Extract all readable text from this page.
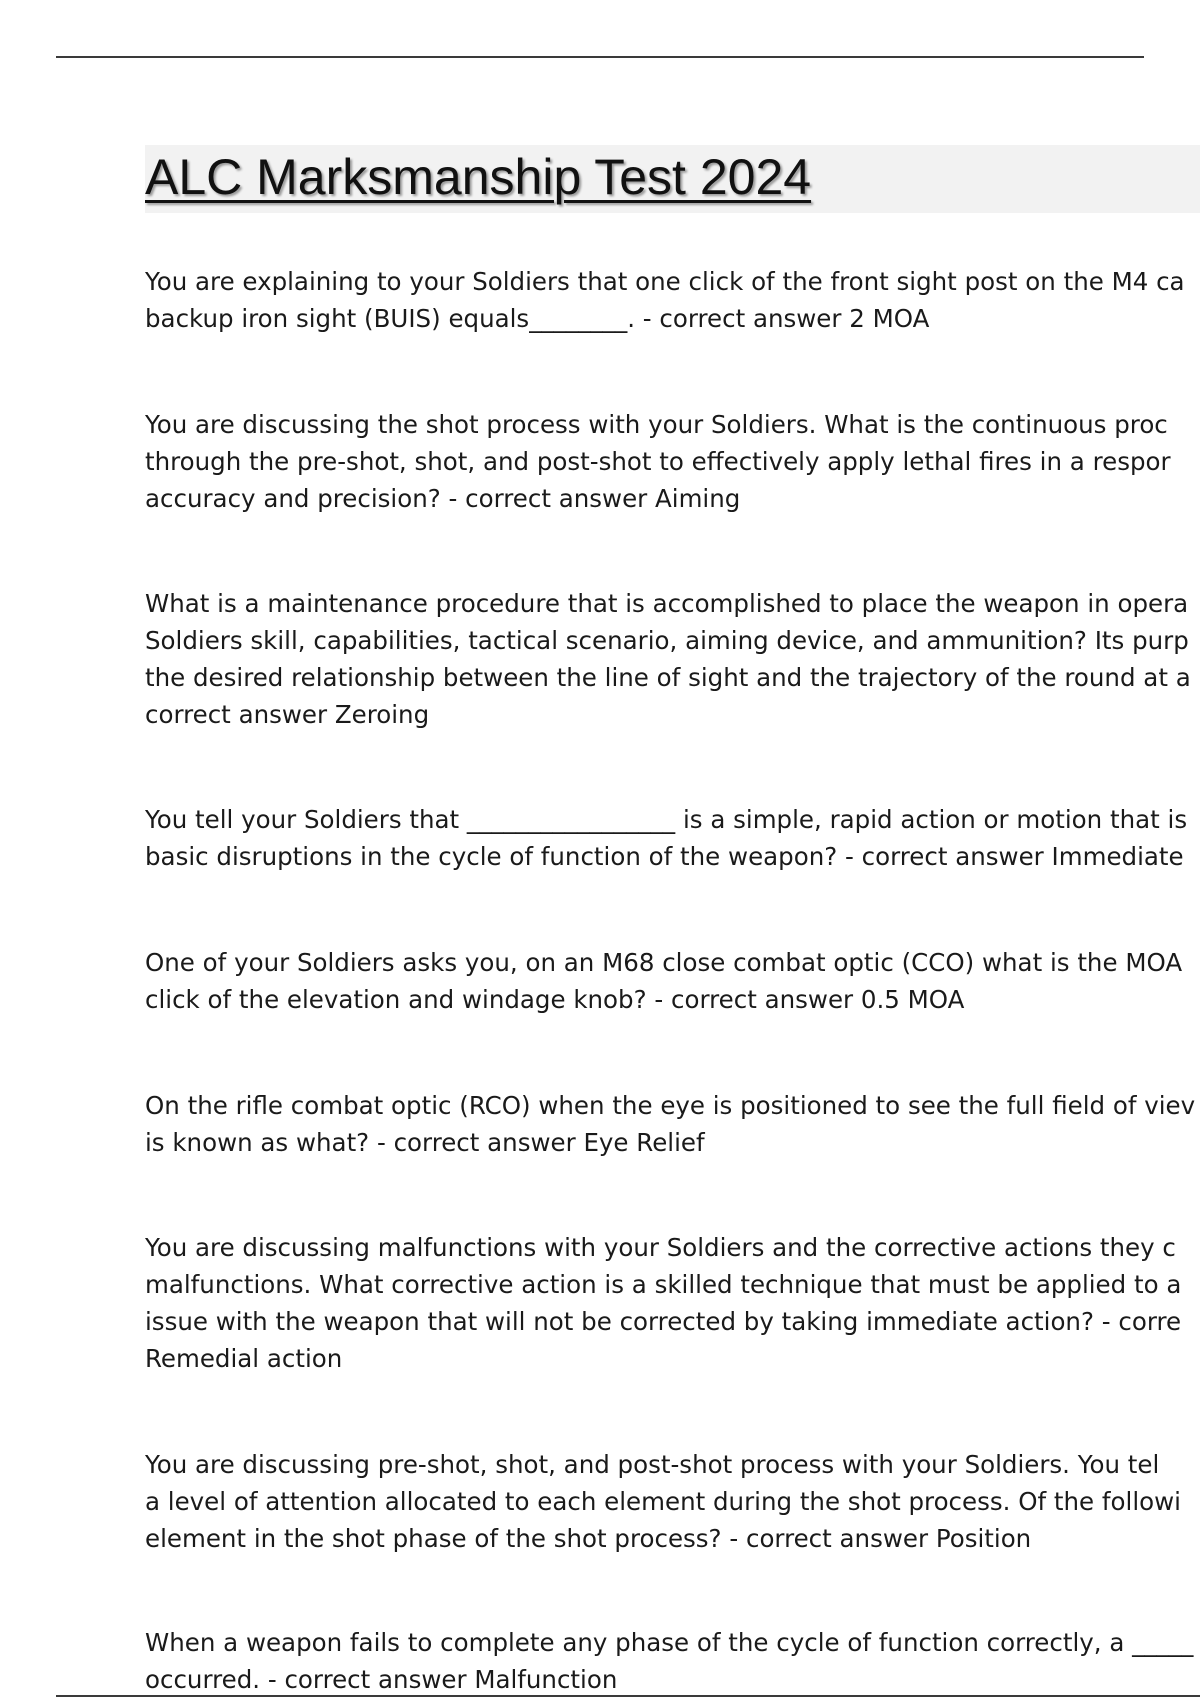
ALC Marksmanship Test 2024
You are explaining to your Soldiers that one click of the front sight post on the M4 ca
backup iron sight (BUIS) equals________. - correct answer 2 MOA
You are discussing the shot process with your Soldiers. What is the continuous proc
through the pre-shot, shot, and post-shot to effectively apply lethal fires in a respor
accuracy and precision? - correct answer Aiming
What is a maintenance procedure that is accomplished to place the weapon in opera
Soldiers skill, capabilities, tactical scenario, aiming device, and ammunition? Its purp
the desired relationship between the line of sight and the trajectory of the round at a
correct answer Zeroing
You tell your Soldiers that _________________ is a simple, rapid action or motion that is
basic disruptions in the cycle of function of the weapon? - correct answer Immediate
One of your Soldiers asks you, on an M68 close combat optic (CCO) what is the MOA
click of the elevation and windage knob? - correct answer 0.5 MOA
On the rifle combat optic (RCO) when the eye is positioned to see the full field of viev
is known as what? - correct answer Eye Relief
You are discussing malfunctions with your Soldiers and the corrective actions they c
malfunctions. What corrective action is a skilled technique that must be applied to a
issue with the weapon that will not be corrected by taking immediate action? - corre
Remedial action
You are discussing pre-shot, shot, and post-shot process with your Soldiers. You tel
a level of attention allocated to each element during the shot process. Of the followi
element in the shot phase of the shot process? - correct answer Position
When a weapon fails to complete any phase of the cycle of function correctly, a _____
occurred. - correct answer Malfunction
